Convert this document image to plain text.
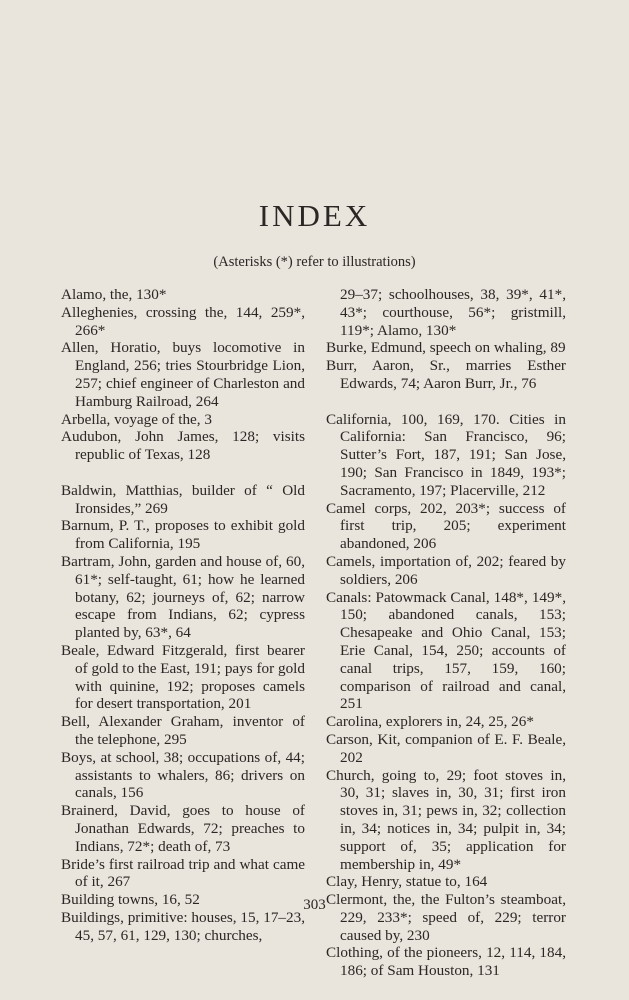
INDEX
(Asterisks (*) refer to illustrations)

Alamo, the, 130*

Alleghenies, crossing the, 144, 259*, 266*

Allen, Horatio, buys locomotive in England, 256; tries Stourbridge Lion, 257; chief engineer of Charleston and Hamburg Railroad, 264

Arbella, voyage of the, 3

Audubon, John James, 128; visits republic of Texas, 128

Baldwin, Matthias, builder of “ Old Ironsides,” 269

Barnum, P. T., proposes to exhibit gold from California, 195

Bartram, John, garden and house of, 60, 61*; self-taught, 61; how he learned botany, 62; journeys of, 62; narrow escape from Indians, 62; cypress planted by, 63*, 64

Beale, Edward Fitzgerald, first bearer of gold to the East, 191; pays for gold with quinine, 192; proposes camels for desert transportation, 201

Bell, Alexander Graham, inventor of the telephone, 295

Boys, at school, 38; occupations of, 44; assistants to whalers, 86; drivers on canals, 156

Brainerd, David, goes to house of Jonathan Edwards, 72; preaches to Indians, 72*; death of, 73

Bride’s first railroad trip and what came of it, 267

Building towns, 16, 52

Buildings, primitive: houses, 15, 17–23, 45, 57, 61, 129, 130; churches,

29–37; schoolhouses, 38, 39*, 41*, 43*; courthouse, 56*; gristmill, 119*; Alamo, 130*

Burke, Edmund, speech on whaling, 89

Burr, Aaron, Sr., marries Esther Edwards, 74; Aaron Burr, Jr., 76

California, 100, 169, 170. Cities in California: San Francisco, 96; Sutter’s Fort, 187, 191; San Jose, 190; San Francisco in 1849, 193*; Sacramento, 197; Placerville, 212

Camel corps, 202, 203*; success of first trip, 205; experiment abandoned, 206

Camels, importation of, 202; feared by soldiers, 206

Canals: Patowmack Canal, 148*, 149*, 150; abandoned canals, 153; Chesapeake and Ohio Canal, 153; Erie Canal, 154, 250; accounts of canal trips, 157, 159, 160; comparison of railroad and canal, 251

Carolina, explorers in, 24, 25, 26*

Carson, Kit, companion of E. F. Beale, 202

Church, going to, 29; foot stoves in, 30, 31; slaves in, 30, 31; first iron stoves in, 31; pews in, 32; collection in, 34; notices in, 34; pulpit in, 34; support of, 35; application for membership in, 49*

Clay, Henry, statue to, 164

Clermont, the, the Fulton’s steamboat, 229, 233*; speed of, 229; terror caused by, 230

Clothing, of the pioneers, 12, 114, 184, 186; of Sam Houston, 131

303
